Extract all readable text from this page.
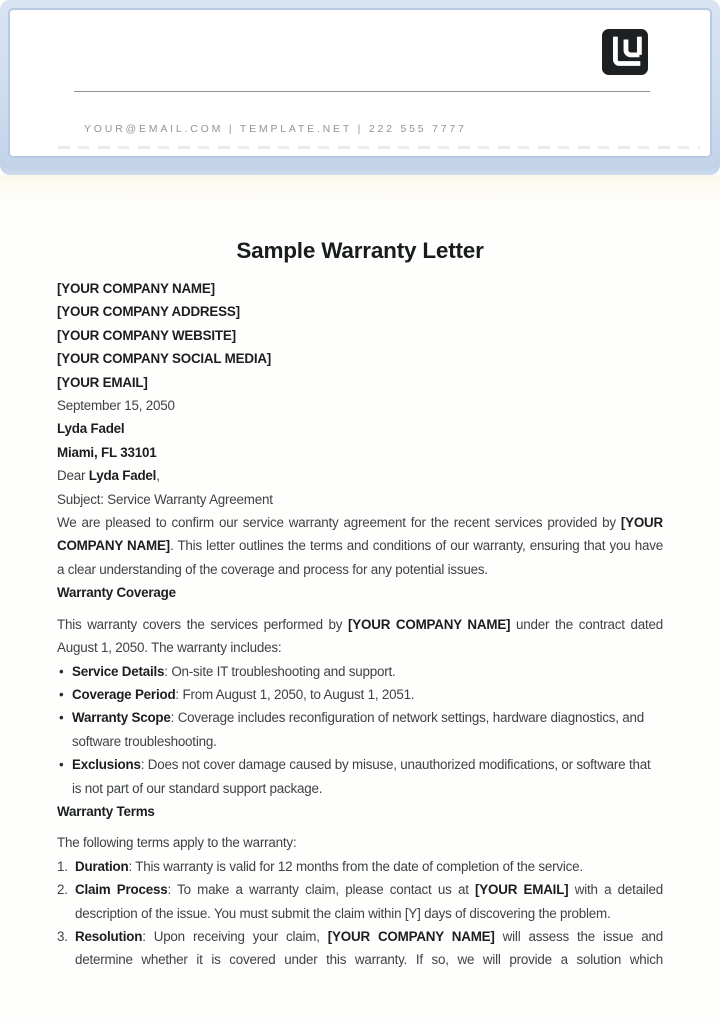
YOUR@EMAIL.COM | TEMPLATE.NET | 222 555 7777
Sample Warranty Letter

[YOUR COMPANY NAME]

[YOUR COMPANY ADDRESS]

[YOUR COMPANY WEBSITE]

[YOUR COMPANY SOCIAL MEDIA]

[YOUR EMAIL]

September 15, 2050

Lyda Fadel

Miami, FL 33101

Dear Lyda Fadel,

Subject: Service Warranty Agreement

We are pleased to confirm our service warranty agreement for the recent services provided by [YOUR COMPANY NAME]. This letter outlines the terms and conditions of our warranty, ensuring that you have a clear understanding of the coverage and process for any potential issues.

Warranty Coverage

This warranty covers the services performed by [YOUR COMPANY NAME] under the contract dated August 1, 2050. The warranty includes:

• Service Details: On-site IT troubleshooting and support.
• Coverage Period: From August 1, 2050, to August 1, 2051.
• Warranty Scope: Coverage includes reconfiguration of network settings, hardware diagnostics, and software troubleshooting.
• Exclusions: Does not cover damage caused by misuse, unauthorized modifications, or software that is not part of our standard support package.

Warranty Terms

The following terms apply to the warranty:

1. Duration: This warranty is valid for 12 months from the date of completion of the service.
2. Claim Process: To make a warranty claim, please contact us at [YOUR EMAIL] with a detailed description of the issue. You must submit the claim within [Y] days of discovering the problem.
3. Resolution: Upon receiving your claim, [YOUR COMPANY NAME] will assess the issue and determine whether it is covered under this warranty. If so, we will provide a solution which
